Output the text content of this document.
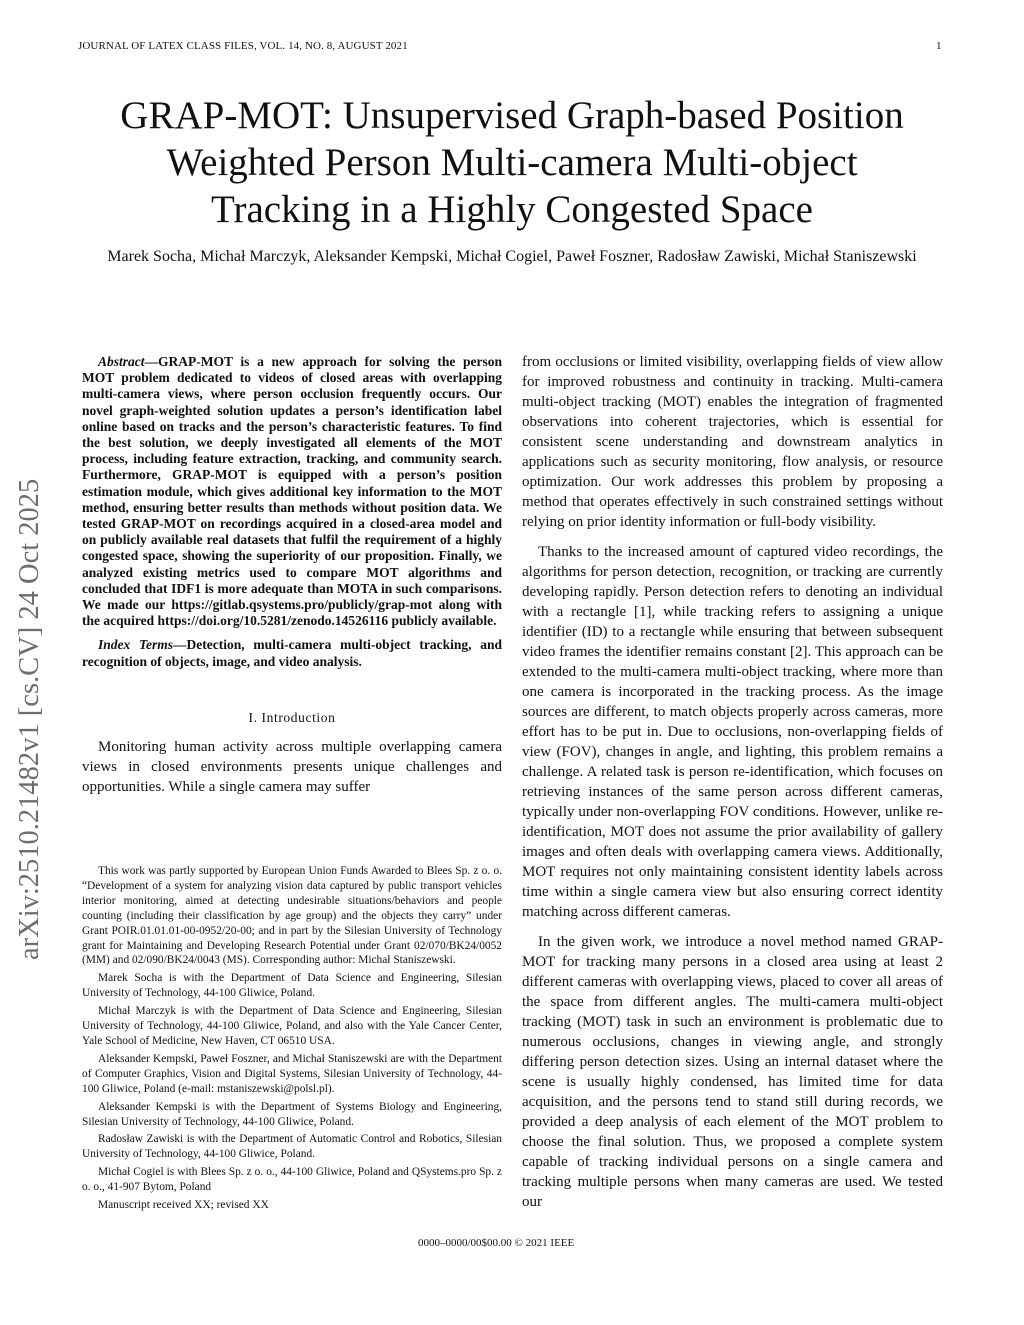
JOURNAL OF LATEX CLASS FILES, VOL. 14, NO. 8, AUGUST 2021	1
GRAP-MOT: Unsupervised Graph-based Position
Weighted Person Multi-camera Multi-object
Tracking in a Highly Congested Space
Marek Socha, Michał Marczyk, Aleksander Kempski, Michał Cogiel, Paweł Foszner, Radosław Zawiski, Michał Staniszewski
arXiv:2510.21482v1 [cs.CV] 24 Oct 2025

Abstract—GRAP-MOT is a new approach for solving the person MOT problem dedicated to videos of closed areas with overlapping multi-camera views, where person occlusion frequently occurs. Our novel graph-weighted solution updates a person’s identification label online based on tracks and the person’s characteristic features. To find the best solution, we deeply investigated all elements of the MOT process, including feature extraction, tracking, and community search. Furthermore, GRAP-MOT is equipped with a person’s position estimation module, which gives additional key information to the MOT method, ensuring better results than methods without position data. We tested GRAP-MOT on recordings acquired in a closed-area model and on publicly available real datasets that fulfil the requirement of a highly congested space, showing the superiority of our proposition. Finally, we analyzed existing metrics used to compare MOT algorithms and concluded that IDF1 is more adequate than MOTA in such comparisons. We made our https://gitlab.qsystems.pro/publicly/grap-mot along with the acquired https://doi.org/10.5281/zenodo.14526116 publicly available.

Index Terms—Detection, multi-camera multi-object tracking, and recognition of objects, image, and video analysis.

I. Introduction

Monitoring human activity across multiple overlapping camera views in closed environments presents unique challenges and opportunities. While a single camera may suffer

This work was partly supported by European Union Funds Awarded to Blees Sp. z o. o. “Development of a system for analyzing vision data captured by public transport vehicles interior monitoring, aimed at detecting undesirable situations/behaviors and people counting (including their classification by age group) and the objects they carry” under Grant POIR.01.01.01-00-0952/20-00; and in part by the Silesian University of Technology grant for Maintaining and Developing Research Potential under Grant 02/070/BK24/0052 (MM) and 02/090/BK24/0043 (MS). Corresponding author: Michał Staniszewski.

Marek Socha is with the Department of Data Science and Engineering, Silesian University of Technology, 44-100 Gliwice, Poland.

Michał Marczyk is with the Department of Data Science and Engineering, Silesian University of Technology, 44-100 Gliwice, Poland, and also with the Yale Cancer Center, Yale School of Medicine, New Haven, CT 06510 USA.

Aleksander Kempski, Paweł Foszner, and Michał Staniszewski are with the Department of Computer Graphics, Vision and Digital Systems, Silesian University of Technology, 44-100 Gliwice, Poland (e-mail: mstaniszewski@polsl.pl).

Aleksander Kempski is with the Department of Systems Biology and Engineering, Silesian University of Technology, 44-100 Gliwice, Poland.

Radosław Zawiski is with the Department of Automatic Control and Robotics, Silesian University of Technology, 44-100 Gliwice, Poland.

Michał Cogiel is with Blees Sp. z o. o., 44-100 Gliwice, Poland and QSystems.pro Sp. z o. o., 41-907 Bytom, Poland

Manuscript received XX; revised XX

from occlusions or limited visibility, overlapping fields of view allow for improved robustness and continuity in tracking. Multi-camera multi-object tracking (MOT) enables the integration of fragmented observations into coherent trajectories, which is essential for consistent scene understanding and downstream analytics in applications such as security monitoring, flow analysis, or resource optimization. Our work addresses this problem by proposing a method that operates effectively in such constrained settings without relying on prior identity information or full-body visibility.

Thanks to the increased amount of captured video recordings, the algorithms for person detection, recognition, or tracking are currently developing rapidly. Person detection refers to denoting an individual with a rectangle [1], while tracking refers to assigning a unique identifier (ID) to a rectangle while ensuring that between subsequent video frames the identifier remains constant [2]. This approach can be extended to the multi-camera multi-object tracking, where more than one camera is incorporated in the tracking process. As the image sources are different, to match objects properly across cameras, more effort has to be put in. Due to occlusions, non-overlapping fields of view (FOV), changes in angle, and lighting, this problem remains a challenge. A related task is person re-identification, which focuses on retrieving instances of the same person across different cameras, typically under non-overlapping FOV conditions. However, unlike re-identification, MOT does not assume the prior availability of gallery images and often deals with overlapping camera views. Additionally, MOT requires not only maintaining consistent identity labels across time within a single camera view but also ensuring correct identity matching across different cameras.

In the given work, we introduce a novel method named GRAP-MOT for tracking many persons in a closed area using at least 2 different cameras with overlapping views, placed to cover all areas of the space from different angles. The multi-camera multi-object tracking (MOT) task in such an environment is problematic due to numerous occlusions, changes in viewing angle, and strongly differing person detection sizes. Using an internal dataset where the scene is usually highly condensed, has limited time for data acquisition, and the persons tend to stand still during records, we provided a deep analysis of each element of the MOT problem to choose the final solution. Thus, we proposed a complete system capable of tracking individual persons on a single camera and tracking multiple persons when many cameras are used. We tested our

0000–0000/00$00.00 © 2021 IEEE
